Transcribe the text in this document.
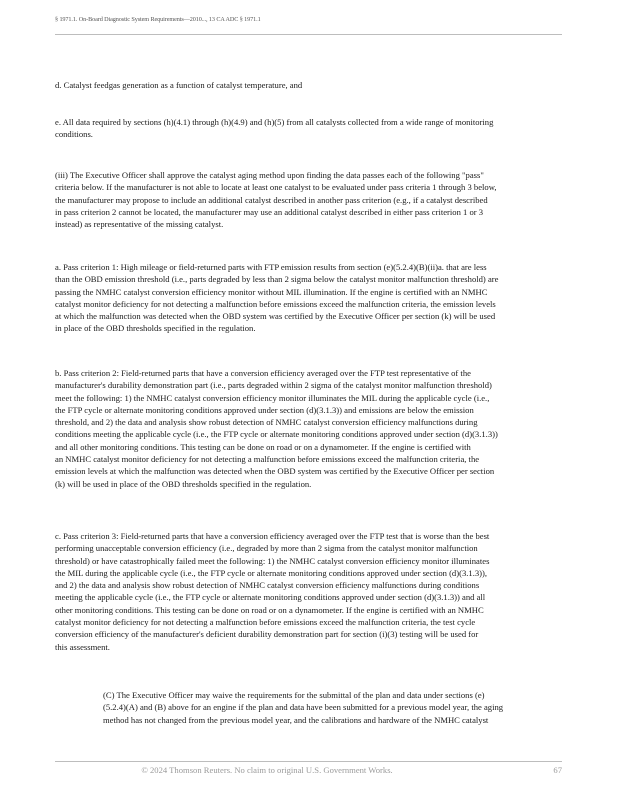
§ 1971.1. On-Board Diagnostic System Requirements—2010..., 13 CA ADC § 1971.1

d. Catalyst feedgas generation as a function of catalyst temperature, and

e. All data required by sections (h)(4.1) through (h)(4.9) and (h)(5) from all catalysts collected from a wide range of monitoring
conditions.

(iii) The Executive Officer shall approve the catalyst aging method upon finding the data passes each of the following "pass"
criteria below. If the manufacturer is not able to locate at least one catalyst to be evaluated under pass criteria 1 through 3 below,
the manufacturer may propose to include an additional catalyst described in another pass criterion (e.g., if a catalyst described
in pass criterion 2 cannot be located, the manufacturer may use an additional catalyst described in either pass criterion 1 or 3
instead) as representative of the missing catalyst.

a. Pass criterion 1: High mileage or field-returned parts with FTP emission results from section (e)(5.2.4)(B)(ii)a. that are less
than the OBD emission threshold (i.e., parts degraded by less than 2 sigma below the catalyst monitor malfunction threshold) are
passing the NMHC catalyst conversion efficiency monitor without MIL illumination. If the engine is certified with an NMHC
catalyst monitor deficiency for not detecting a malfunction before emissions exceed the malfunction criteria, the emission levels
at which the malfunction was detected when the OBD system was certified by the Executive Officer per section (k) will be used
in place of the OBD thresholds specified in the regulation.

b. Pass criterion 2: Field-returned parts that have a conversion efficiency averaged over the FTP test representative of the
manufacturer's durability demonstration part (i.e., parts degraded within 2 sigma of the catalyst monitor malfunction threshold)
meet the following: 1) the NMHC catalyst conversion efficiency monitor illuminates the MIL during the applicable cycle (i.e.,
the FTP cycle or alternate monitoring conditions approved under section (d)(3.1.3)) and emissions are below the emission
threshold, and 2) the data and analysis show robust detection of NMHC catalyst conversion efficiency malfunctions during
conditions meeting the applicable cycle (i.e., the FTP cycle or alternate monitoring conditions approved under section (d)(3.1.3))
and all other monitoring conditions. This testing can be done on road or on a dynamometer. If the engine is certified with
an NMHC catalyst monitor deficiency for not detecting a malfunction before emissions exceed the malfunction criteria, the
emission levels at which the malfunction was detected when the OBD system was certified by the Executive Officer per section
(k) will be used in place of the OBD thresholds specified in the regulation.

c. Pass criterion 3: Field-returned parts that have a conversion efficiency averaged over the FTP test that is worse than the best
performing unacceptable conversion efficiency (i.e., degraded by more than 2 sigma from the catalyst monitor malfunction
threshold) or have catastrophically failed meet the following: 1) the NMHC catalyst conversion efficiency monitor illuminates
the MIL during the applicable cycle (i.e., the FTP cycle or alternate monitoring conditions approved under section (d)(3.1.3)),
and 2) the data and analysis show robust detection of NMHC catalyst conversion efficiency malfunctions during conditions
meeting the applicable cycle (i.e., the FTP cycle or alternate monitoring conditions approved under section (d)(3.1.3)) and all
other monitoring conditions. This testing can be done on road or on a dynamometer. If the engine is certified with an NMHC
catalyst monitor deficiency for not detecting a malfunction before emissions exceed the malfunction criteria, the test cycle
conversion efficiency of the manufacturer's deficient durability demonstration part for section (i)(3) testing will be used for
this assessment.

(C) The Executive Officer may waive the requirements for the submittal of the plan and data under sections (e)
(5.2.4)(A) and (B) above for an engine if the plan and data have been submitted for a previous model year, the aging
method has not changed from the previous model year, and the calibrations and hardware of the NMHC catalyst

© 2024 Thomson Reuters. No claim to original U.S. Government Works.	67
